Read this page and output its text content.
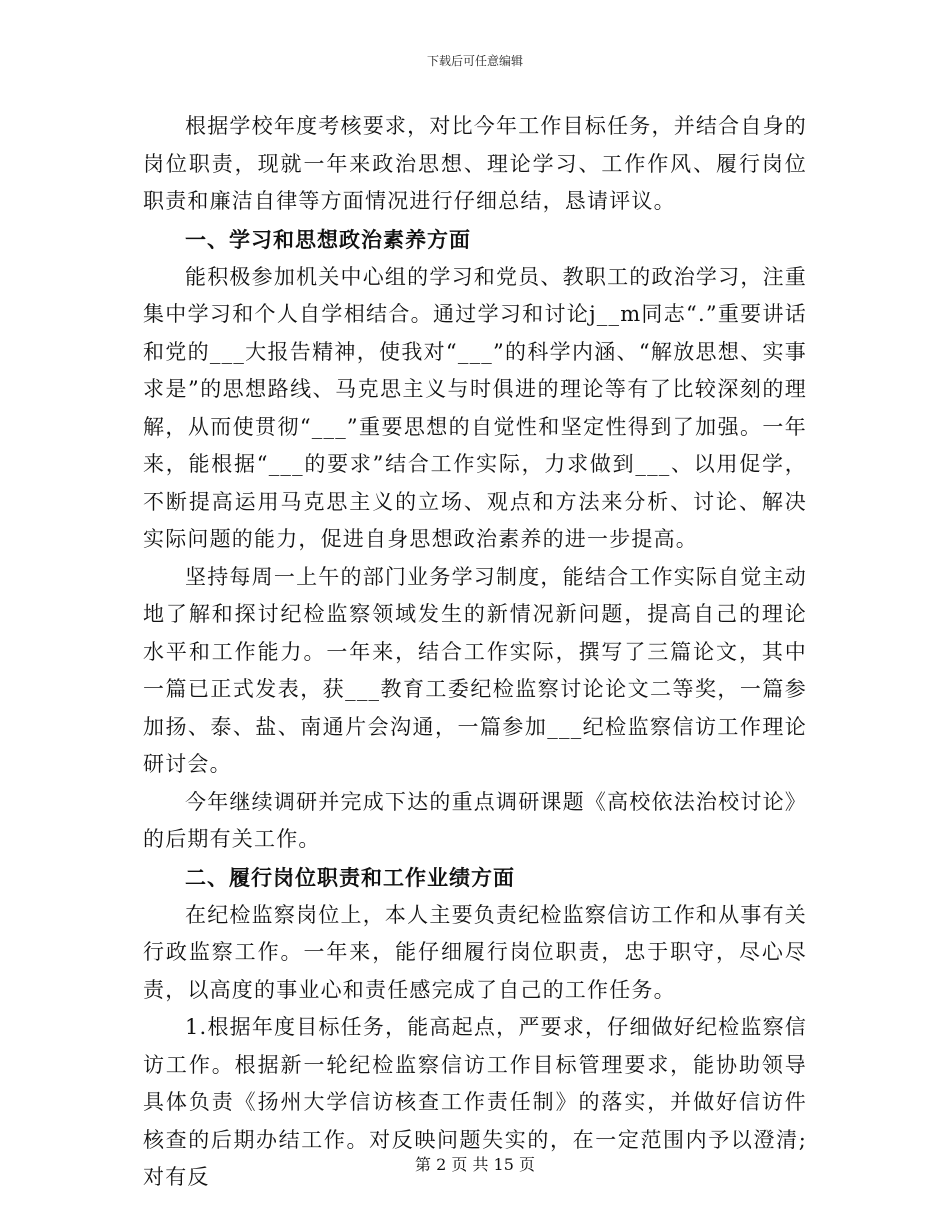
下载后可任意编辑

根据学校年度考核要求，对比今年工作目标任务，并结合自身的岗位职责，现就一年来政治思想、理论学习、工作作风、履行岗位职责和廉洁自律等方面情况进行仔细总结，恳请评议。

一、学习和思想政治素养方面

能积极参加机关中心组的学习和党员、教职工的政治学习，注重集中学习和个人自学相结合。通过学习和讨论j__m同志“.”重要讲话和党的___大报告精神，使我对“___”的科学内涵、“解放思想、实事求是”的思想路线、马克思主义与时俱进的理论等有了比较深刻的理解，从而使贯彻“___”重要思想的自觉性和坚定性得到了加强。一年来，能根据“___的要求”结合工作实际，力求做到___、以用促学，不断提高运用马克思主义的立场、观点和方法来分析、讨论、解决实际问题的能力，促进自身思想政治素养的进一步提高。

坚持每周一上午的部门业务学习制度，能结合工作实际自觉主动地了解和探讨纪检监察领域发生的新情况新问题，提高自己的理论水平和工作能力。一年来，结合工作实际，撰写了三篇论文，其中一篇已正式发表，获___教育工委纪检监察讨论论文二等奖，一篇参加扬、泰、盐、南通片会沟通，一篇参加___纪检监察信访工作理论研讨会。

今年继续调研并完成下达的重点调研课题《高校依法治校讨论》的后期有关工作。

二、履行岗位职责和工作业绩方面

在纪检监察岗位上，本人主要负责纪检监察信访工作和从事有关行政监察工作。一年来，能仔细履行岗位职责，忠于职守，尽心尽责，以高度的事业心和责任感完成了自己的工作任务。

1.根据年度目标任务，能高起点，严要求，仔细做好纪检监察信访工作。根据新一轮纪检监察信访工作目标管理要求，能协助领导具体负责《扬州大学信访核查工作责任制》的落实，并做好信访件核查的后期办结工作。对反映问题失实的，在一定范围内予以澄清;对有反

第 2 页 共 15 页
